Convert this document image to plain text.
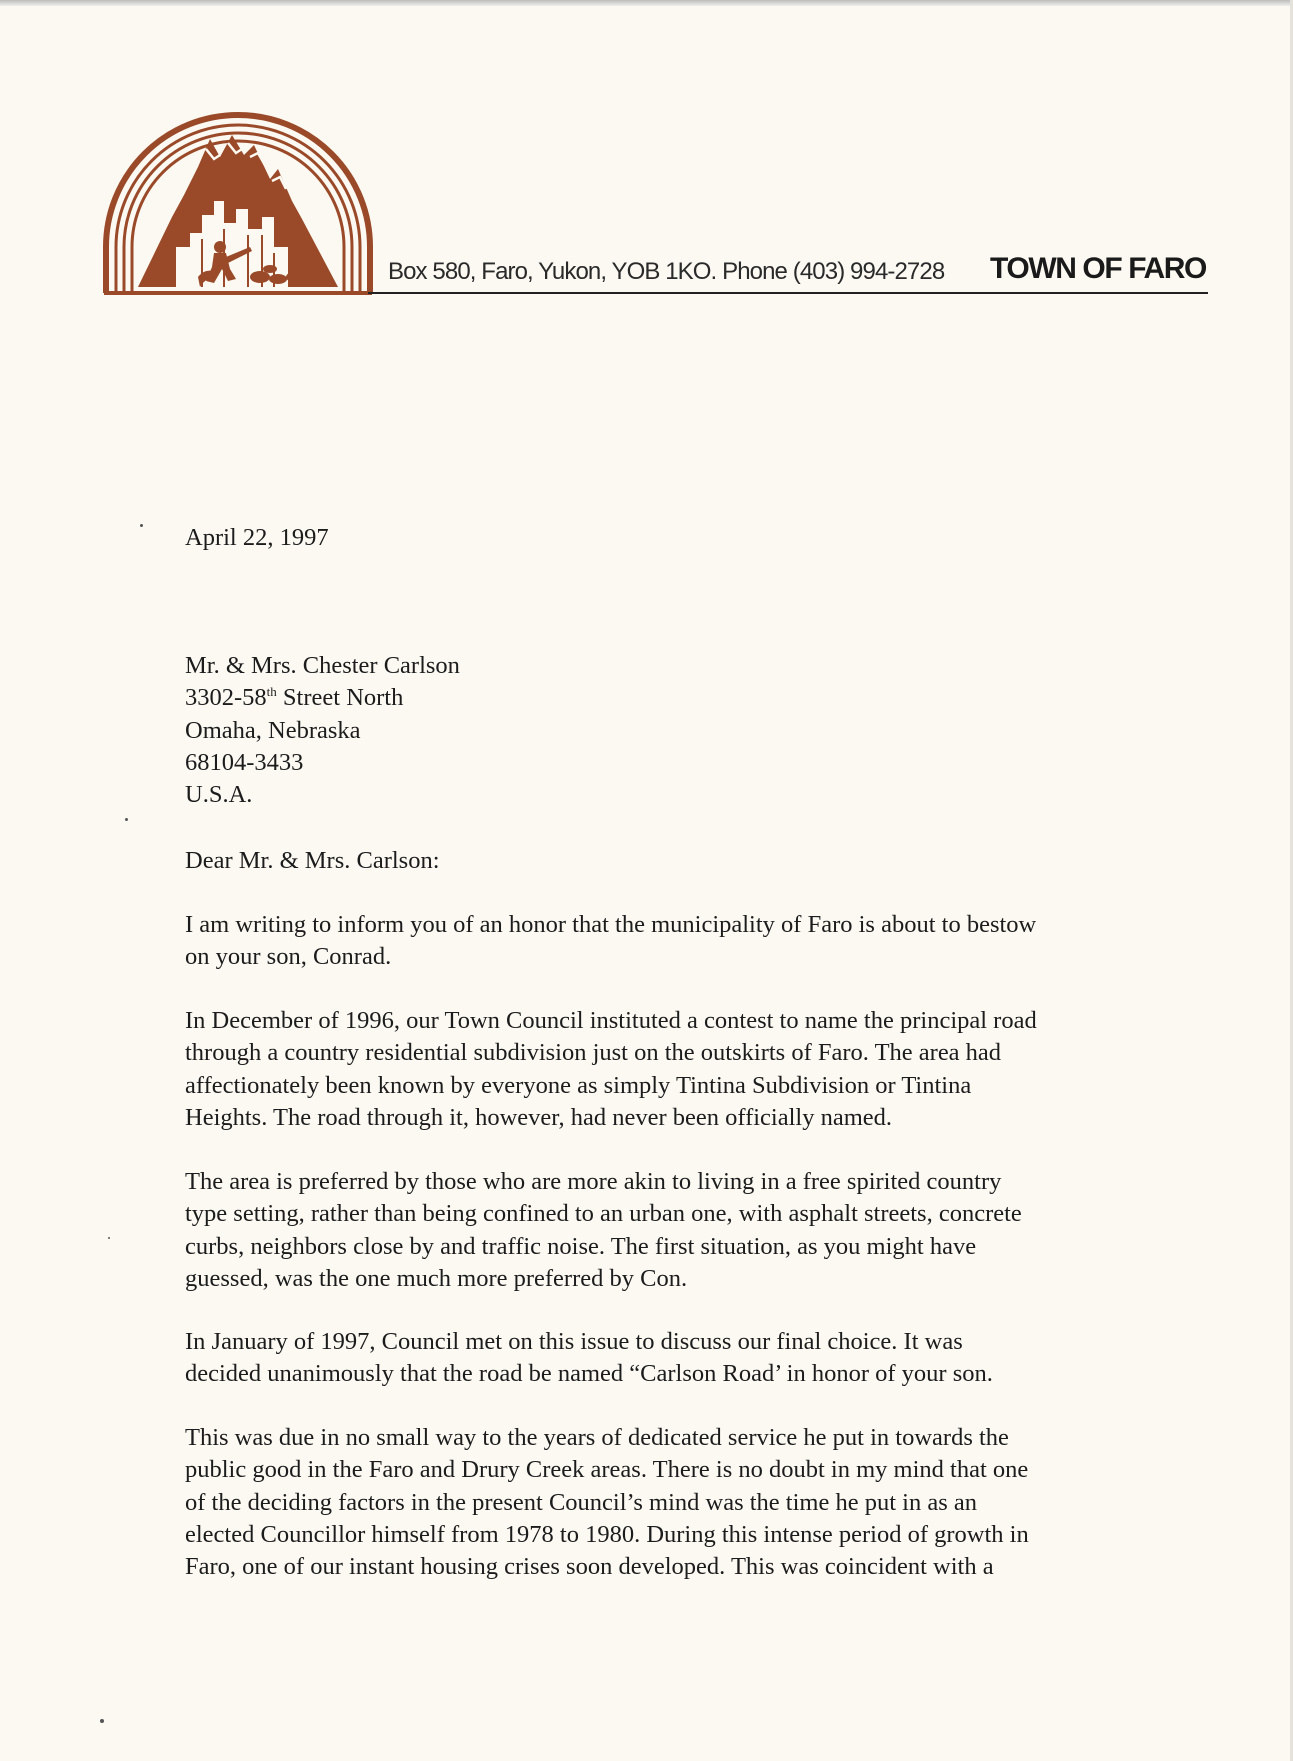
Box 580, Faro, Yukon, YOB 1KO. Phone (403) 994-2728 TOWN OF FARO
April 22, 1997
Mr. & Mrs. Chester Carlson
3302-58th Street North
Omaha, Nebraska
68104-3433
U.S.A.
Dear Mr. & Mrs. Carlson:
I am writing to inform you of an honor that the municipality of Faro is about to bestow
on your son, Conrad.
In December of 1996, our Town Council instituted a contest to name the principal road
through a country residential subdivision just on the outskirts of Faro. The area had
affectionately been known by everyone as simply Tintina Subdivision or Tintina
Heights. The road through it, however, had never been officially named.
The area is preferred by those who are more akin to living in a free spirited country
type setting, rather than being confined to an urban one, with asphalt streets, concrete
curbs, neighbors close by and traffic noise. The first situation, as you might have
guessed, was the one much more preferred by Con.
In January of 1997, Council met on this issue to discuss our final choice. It was
decided unanimously that the road be named “Carlson Road’ in honor of your son.
This was due in no small way to the years of dedicated service he put in towards the
public good in the Faro and Drury Creek areas. There is no doubt in my mind that one
of the deciding factors in the present Council’s mind was the time he put in as an
elected Councillor himself from 1978 to 1980. During this intense period of growth in
Faro, one of our instant housing crises soon developed. This was coincident with a
